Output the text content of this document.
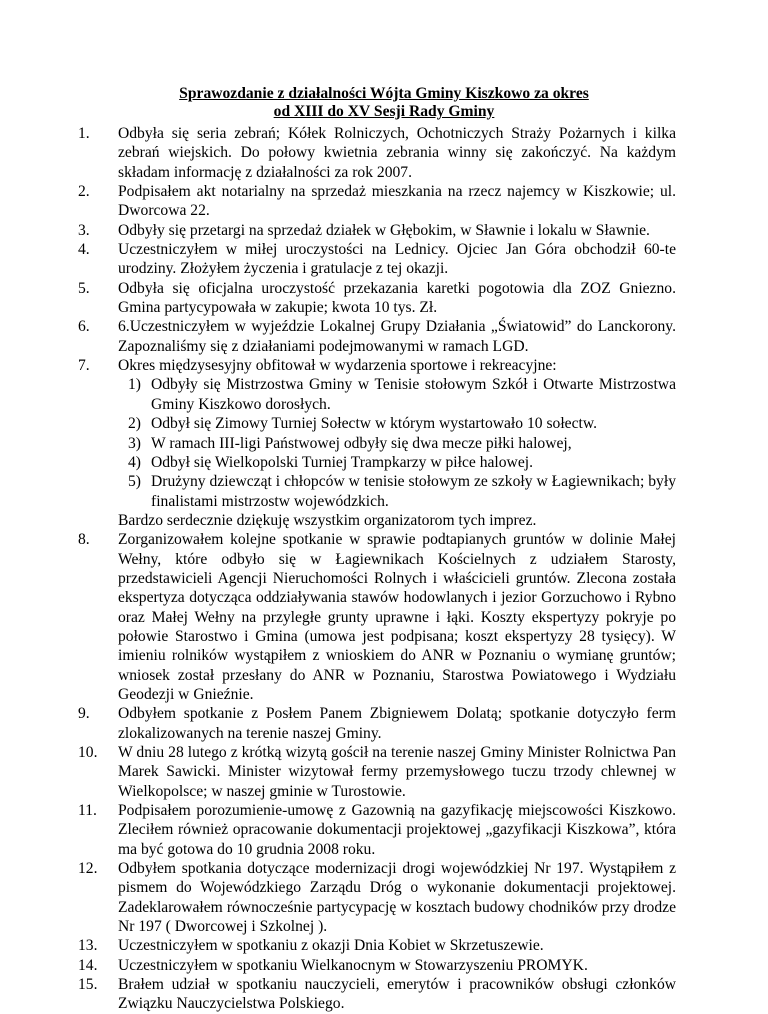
Sprawozdanie z działalności Wójta Gminy Kiszkowo za okres
od XIII do XV Sesji Rady Gminy
1.	Odbyła się seria zebrań; Kółek Rolniczych, Ochotniczych Straży Pożarnych i kilka zebrań wiejskich. Do połowy kwietnia zebrania winny się zakończyć. Na każdym składam informację z działalności za rok 2007.
2.	Podpisałem akt notarialny na sprzedaż mieszkania na rzecz najemcy w Kiszkowie; ul. Dworcowa 22.
3.	Odbyły się przetargi na sprzedaż działek w Głębokim, w Sławnie i lokalu w Sławnie.
4.	Uczestniczyłem w miłej uroczystości na Lednicy. Ojciec Jan Góra obchodził 60-te urodziny. Złożyłem życzenia i gratulacje z tej okazji.
5.	Odbyła się oficjalna uroczystość przekazania karetki pogotowia dla ZOZ Gniezno. Gmina partycypowała w zakupie; kwota 10 tys. Zł.
6.	6.Uczestniczyłem w wyjeździe Lokalnej Grupy Działania „Światowid” do Lanckorony. Zapoznaliśmy się z działaniami podejmowanymi w ramach LGD.
7.	Okres międzysesyjny obfitował w wydarzenia sportowe i rekreacyjne:
1) Odbyły się Mistrzostwa Gminy w Tenisie stołowym Szkół i Otwarte Mistrzostwa Gminy Kiszkowo dorosłych.
2) Odbył się Zimowy Turniej Sołectw w którym wystartowało 10 sołectw.
3) W ramach III-ligi Państwowej odbyły się dwa mecze piłki halowej,
4) Odbył się Wielkopolski Turniej Trampkarzy w piłce halowej.
5) Drużyny dziewcząt i chłopców w tenisie stołowym ze szkoły w Łagiewnikach; były finalistami mistrzostw wojewódzkich.
Bardzo serdecznie dziękuję wszystkim organizatorom tych imprez.
8.	Zorganizowałem kolejne spotkanie w sprawie podtapianych gruntów w dolinie Małej Wełny, które odbyło się w Łagiewnikach Kościelnych z udziałem Starosty, przedstawicieli Agencji Nieruchomości Rolnych i właścicieli gruntów. Zlecona została ekspertyza dotycząca oddziaływania stawów hodowlanych i jezior Gorzuchowo i Rybno oraz Małej Wełny na przyległe grunty uprawne i łąki. Koszty ekspertyzy pokryje po połowie Starostwo i Gmina (umowa jest podpisana; koszt ekspertyzy 28 tysięcy). W imieniu rolników wystąpiłem z wnioskiem do ANR w Poznaniu o wymianę gruntów; wniosek został przesłany do ANR w Poznaniu, Starostwa Powiatowego i Wydziału Geodezji w Gnieźnie.
9.	Odbyłem spotkanie z Posłem Panem Zbigniewem Dolatą; spotkanie dotyczyło ferm zlokalizowanych na terenie naszej Gminy.
10.	W dniu 28 lutego z krótką wizytą gościł na terenie naszej Gminy Minister Rolnictwa Pan Marek Sawicki. Minister wizytował fermy przemysłowego tuczu trzody chlewnej w Wielkopolsce; w naszej gminie w Turostowie.
11.	Podpisałem porozumienie-umowę z Gazownią na gazyfikację miejscowości Kiszkowo. Zleciłem również opracowanie dokumentacji projektowej „gazyfikacji Kiszkowa”, która ma być gotowa do 10 grudnia 2008 roku.
12.	Odbyłem spotkania dotyczące modernizacji drogi wojewódzkiej Nr 197. Wystąpiłem z pismem do Wojewódzkiego Zarządu Dróg o wykonanie dokumentacji projektowej. Zadeklarowałem równocześnie partycypację w kosztach budowy chodników przy drodze Nr 197 ( Dworcowej i Szkolnej ).
13.	Uczestniczyłem w spotkaniu z okazji Dnia Kobiet w Skrzetuszewie.
14.	Uczestniczyłem w spotkaniu Wielkanocnym w Stowarzyszeniu PROMYK.
15.	Brałem udział w spotkaniu nauczycieli, emerytów i pracowników obsługi członków Związku Nauczycielstwa Polskiego.
